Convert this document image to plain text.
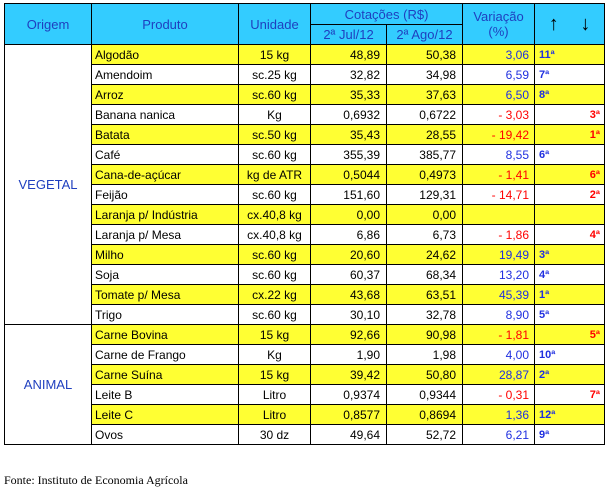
Origem	Produto	Unidade	Cotações (R$)		Variação
(%)	↑ ↓
			2ª Jul/12	2ª Ago/12		
VEGETAL	Algodão	15 kg	48,89	50,38	3,06	11ª

	Amendoim	sc.25 kg	32,82	34,98	6,59	7ª

	Arroz	sc.60 kg	35,33	37,63	6,50	8ª

	Banana nanica	Kg	0,6932	0,6722	- 3,03	3ª

	Batata	sc.50 kg	35,43	28,55	- 19,42	1ª

	Café	sc.60 kg	355,39	385,77	8,55	6ª

	Cana-de-açúcar	kg de ATR	0,5044	0,4973	- 1,41	6ª

	Feijão	sc.60 kg	151,60	129,31	- 14,71	2ª

	Laranja p/ Indústria	cx.40,8 kg	0,00	0,00		

	Laranja p/ Mesa	cx.40,8 kg	6,86	6,73	- 1,86	4ª

	Milho	sc.60 kg	20,60	24,62	19,49	3ª

	Soja	sc.60 kg	60,37	68,34	13,20	4ª

	Tomate p/ Mesa	cx.22 kg	43,68	63,51	45,39	1ª

	Trigo	sc.60 kg	30,10	32,78	8,90	5ª

ANIMAL	Carne Bovina	15 kg	92,66	90,98	- 1,81	5ª

	Carne de Frango	Kg	1,90	1,98	4,00	10ª

	Carne Suína	15 kg	39,42	50,80	28,87	2ª

	Leite B	Litro	0,9374	0,9344	- 0,31	7ª

	Leite C	Litro	0,8577	0,8694	1,36	12ª

	Ovos	30 dz	49,64	52,72	6,21	9ª
Fonte: Instituto de Economia Agrícola
